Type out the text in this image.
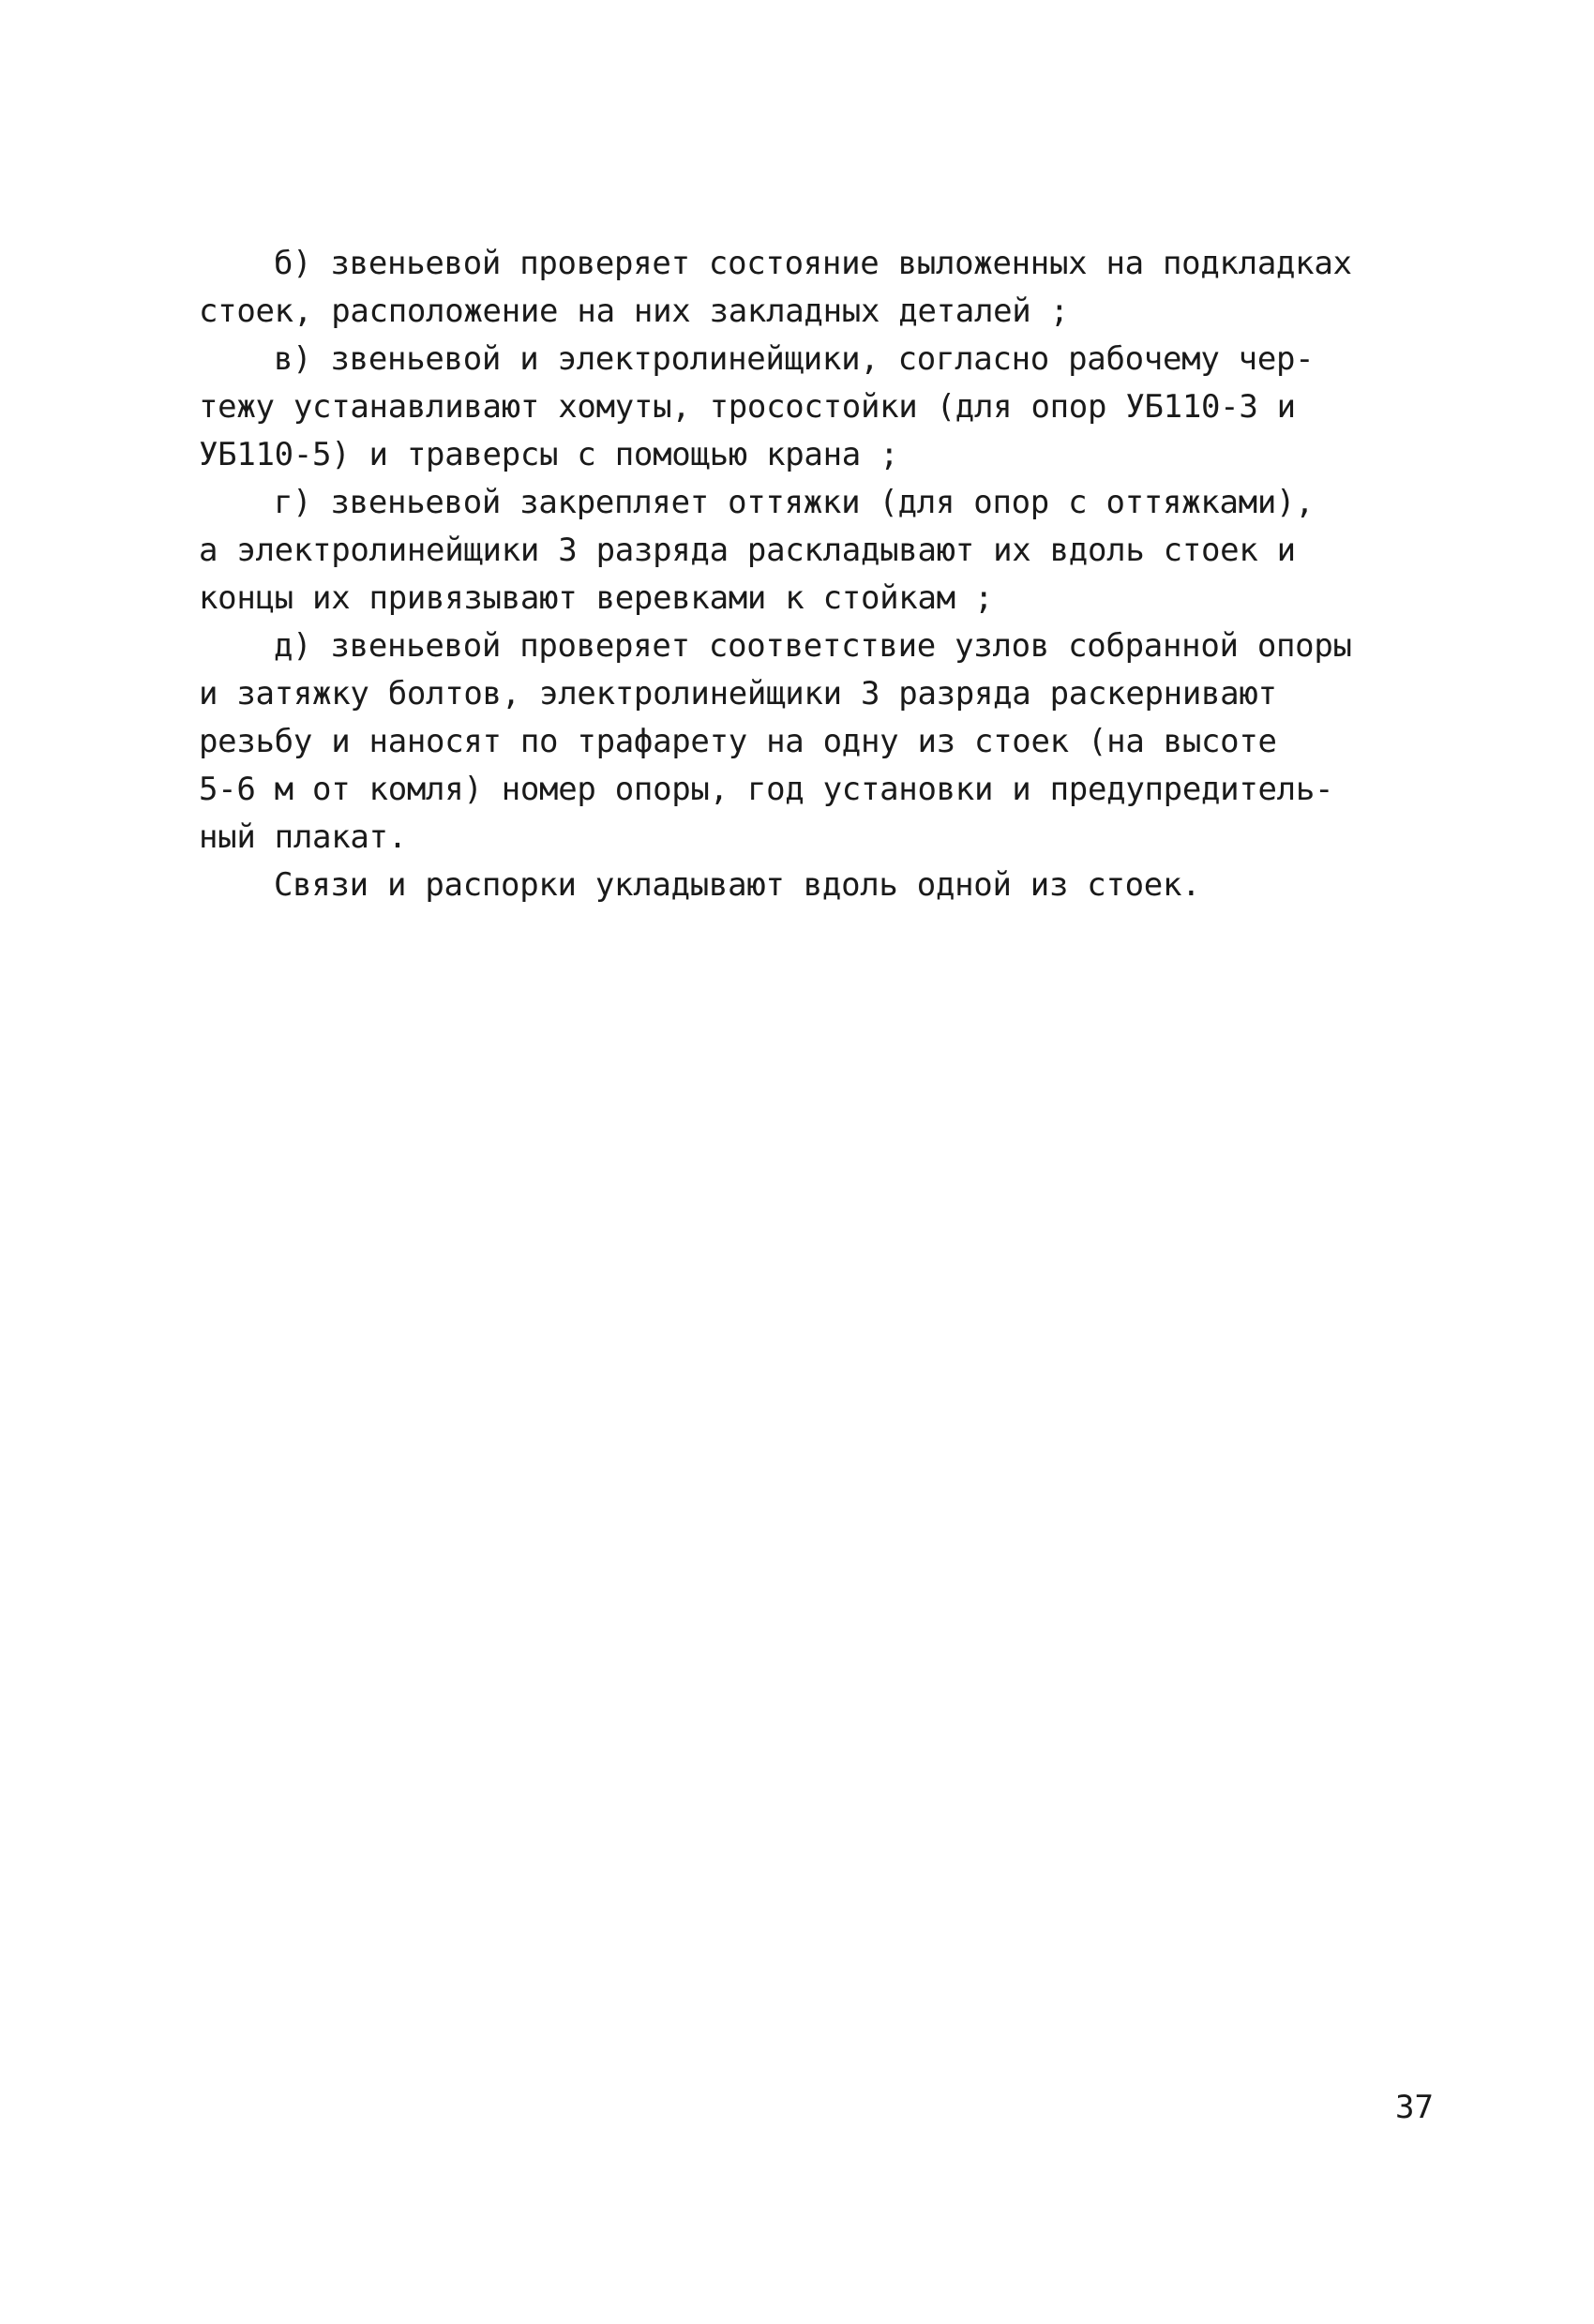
б) звеньевой проверяет состояние выложенных на подкладках
стоек, расположение на них закладных деталей ;
в) звеньевой и электролинейщики, согласно рабочему чер-
тежу устанавливают хомуты, тросостойки (для опор УБ110-3 и
УБ110-5) и траверсы с помощью крана ;
г) звеньевой закрепляет оттяжки (для опор с оттяжками),
а электролинейщики 3 разряда раскладывают их вдоль стоек и
концы их привязывают веревками к стойкам ;
д) звеньевой проверяет соответствие узлов собранной опоры
и затяжку болтов, электролинейщики 3 разряда раскернивают
резьбу и наносят по трафарету на одну из стоек (на высоте
5-6 м от комля) номер опоры, год установки и предупредитель-
ный плакат.
Связи и распорки укладывают вдоль одной из стоек.
37
